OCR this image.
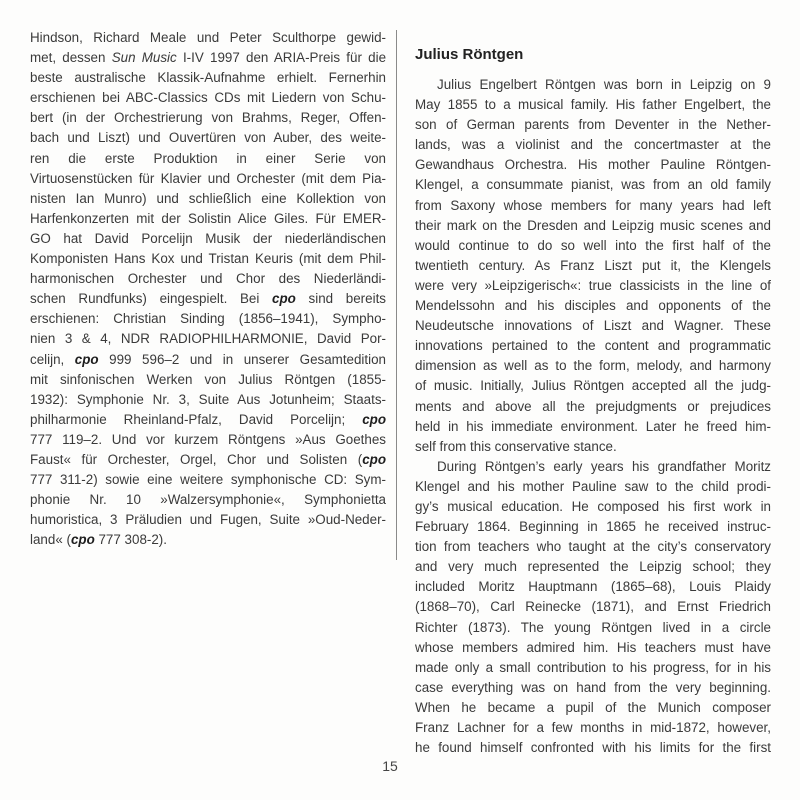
Hindson, Richard Meale und Peter Sculthorpe gewid-
met, dessen Sun Music I-IV 1997 den ARIA-Preis für die
beste australische Klassik-Aufnahme erhielt. Fernerhin
erschienen bei ABC-Classics CDs mit Liedern von Schu-
bert (in der Orchestrierung von Brahms, Reger, Offen-
bach und Liszt) und Ouvertüren von Auber, des weite-
ren die erste Produktion in einer Serie von
Virtuosenstücken für Klavier und Orchester (mit dem Pia-
nisten Ian Munro) und schließlich eine Kollektion von
Harfenkonzerten mit der Solistin Alice Giles. Für EMER-
GO hat David Porcelijn Musik der niederländischen
Komponisten Hans Kox und Tristan Keuris (mit dem Phil-
harmonischen Orchester und Chor des Niederländi-
schen Rundfunks) eingespielt. Bei cpo sind bereits
erschienen: Christian Sinding (1856–1941), Sympho-
nien 3 & 4, NDR RADIOPHILHARMONIE, David Por-
celijn, cpo 999 596–2 und in unserer Gesamtedition
mit sinfonischen Werken von Julius Röntgen (1855-
1932): Symphonie Nr. 3, Suite Aus Jotunheim; Staats-
philharmonie Rheinland-Pfalz, David Porcelijn; cpo
777 119–2. Und vor kurzem Röntgens »Aus Goethes
Faust« für Orchester, Orgel, Chor und Solisten (cpo
777 311-2) sowie eine weitere symphonische CD: Sym-
phonie Nr. 10 »Walzersymphonie«, Symphonietta
humoristica, 3 Präludien und Fugen, Suite »Oud-Neder-
land« (cpo 777 308-2).
Julius Röntgen
Julius Engelbert Röntgen was born in Leipzig on 9
May 1855 to a musical family. His father Engelbert, the
son of German parents from Deventer in the Nether-
lands, was a violinist and the concertmaster at the
Gewandhaus Orchestra. His mother Pauline Röntgen-
Klengel, a consummate pianist, was from an old family
from Saxony whose members for many years had left
their mark on the Dresden and Leipzig music scenes and
would continue to do so well into the first half of the
twentieth century. As Franz Liszt put it, the Klengels
were very »Leipzigerisch«: true classicists in the line of
Mendelssohn and his disciples and opponents of the
Neudeutsche innovations of Liszt and Wagner. These
innovations pertained to the content and programmatic
dimension as well as to the form, melody, and harmony
of music. Initially, Julius Röntgen accepted all the judg-
ments and above all the prejudgments or prejudices
held in his immediate environment. Later he freed him-
self from this conservative stance.
During Röntgen’s early years his grandfather Moritz
Klengel and his mother Pauline saw to the child prodi-
gy’s musical education. He composed his first work in
February 1864. Beginning in 1865 he received instruc-
tion from teachers who taught at the city’s conservatory
and very much represented the Leipzig school; they
included Moritz Hauptmann (1865–68), Louis Plaidy
(1868–70), Carl Reinecke (1871), and Ernst Friedrich
Richter (1873). The young Röntgen lived in a circle
whose members admired him. His teachers must have
made only a small contribution to his progress, for in his
case everything was on hand from the very beginning.
When he became a pupil of the Munich composer
Franz Lachner for a few months in mid-1872, however,
he found himself confronted with his limits for the first
15
